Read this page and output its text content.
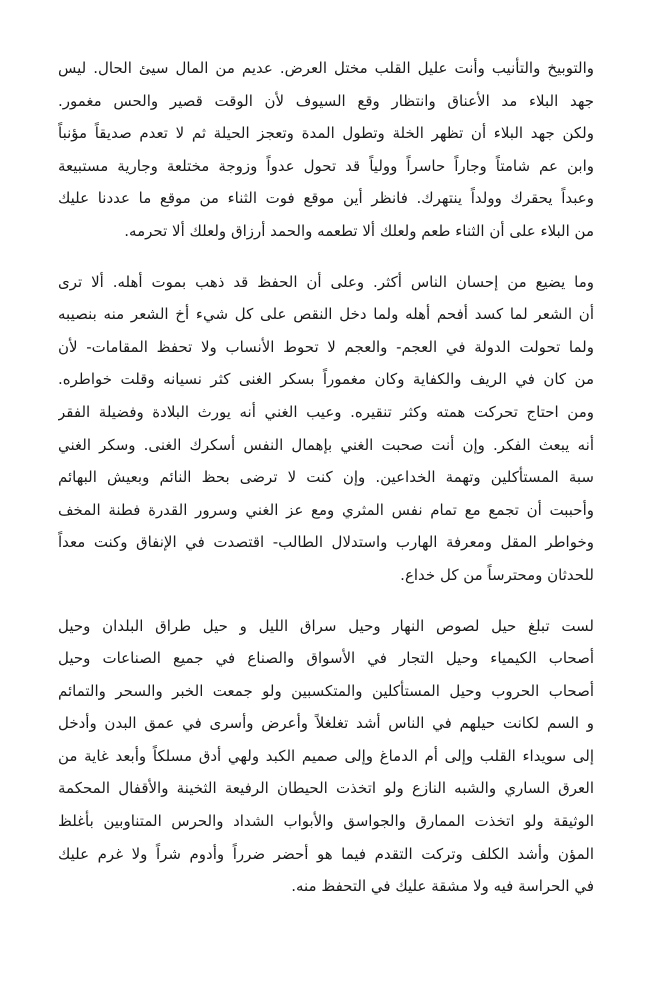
والتوبيخ والتأنيب وأنت عليل القلب مختل العرض. عديم من المال سيئ الحال. ليس
جهد البلاء مد الأعناق وانتظار وقع السيوف لأن الوقت قصير والحس مغمور.
ولكن جهد البلاء أن تظهر الخلة وتطول المدة وتعجز الحيلة ثم لا تعدم صديقاً مؤنباً
وابن عم شامتاً وجاراً حاسراً وولياً قد تحول عدواً وزوجة مختلعة وجارية مستبيعة
وعبداً يحقرك وولداً ينتهرك. فانظر أين موقع فوت الثناء من موقع ما عددنا عليك
من البلاء على أن الثناء طعم ولعلك ألا تطعمه والحمد أرزاق ولعلك ألا تحرمه.
وما يضيع من إحسان الناس أكثر. وعلى أن الحفظ قد ذهب بموت أهله. ألا ترى
أن الشعر لما كسد أفحم أهله ولما دخل النقص على كل شيء أخ الشعر منه بنصيبه
ولما تحولت الدولة في العجم- والعجم لا تحوط الأنساب ولا تحفظ المقامات- لأن
من كان في الريف والكفاية وكان مغموراً بسكر الغنى كثر نسيانه وقلت خواطره.
ومن احتاج تحركت همته وكثر تنقيره. وعيب الغني أنه يورث البلادة وفضيلة الفقر
أنه يبعث الفكر. وإن أنت صحبت الغني بإهمال النفس أسكرك الغنى. وسكر الغني
سبة المستأكلين وتهمة الخداعين. وإن كنت لا ترضى بحظ النائم وبعيش البهائم
وأحببت أن تجمع مع تمام نفس المثري ومع عز الغني وسرور القدرة فطنة المخف
وخواطر المقل ومعرفة الهارب واستدلال الطالب- اقتصدت في الإنفاق وكنت معداً
للحدثان ومحترساً من كل خداع.
لست تبلغ حيل لصوص النهار وحيل سراق الليل و حيل طراق البلدان وحيل
أصحاب الكيمياء وحيل التجار في الأسواق والصناع في جميع الصناعات وحيل
أصحاب الحروب وحيل المستأكلين والمتكسبين ولو جمعت الخبر والسحر والتمائم
و السم لكانت حيلهم في الناس أشد تغلغلاً وأعرض وأسرى في عمق البدن وأدخل
إلى سويداء القلب وإلى أم الدماغ وإلى صميم الكبد ولهي أدق مسلكاً وأبعد غاية من
العرق الساري والشبه النازع ولو اتخذت الحيطان الرفيعة الثخينة والأقفال المحكمة
الوثيقة ولو اتخذت الممارق والجواسق والأبواب الشداد والحرس المتناوبين بأغلظ
المؤن وأشد الكلف وتركت التقدم فيما هو أحضر ضرراً وأدوم شراً ولا غرم عليك
في الحراسة فيه ولا مشقة عليك في التحفظ منه.
